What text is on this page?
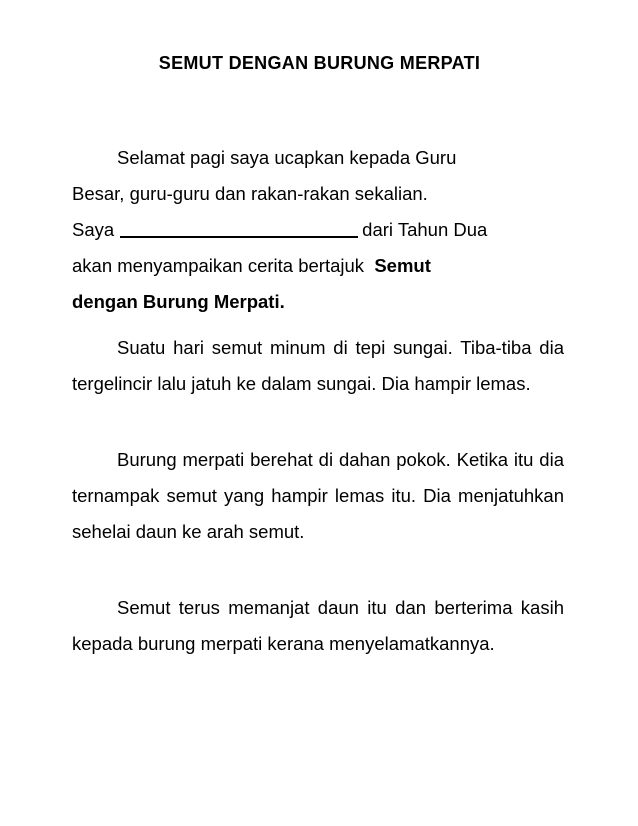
SEMUT DENGAN BURUNG MERPATI
Selamat pagi saya ucapkan kepada Guru
Besar, guru-guru dan rakan-rakan sekalian.
Saya	dari Tahun Dua
akan menyampaikan cerita bertajuk Semut
dengan Burung Merpati.

Suatu hari semut minum di tepi sungai. Tiba-tiba dia tergelincir lalu jatuh ke dalam sungai. Dia hampir lemas.

Burung merpati berehat di dahan pokok. Ketika itu dia ternampak semut yang hampir lemas itu. Dia menjatuhkan sehelai daun ke arah semut.

Semut terus memanjat daun itu dan berterima kasih kepada burung merpati kerana menyelamatkannya.
